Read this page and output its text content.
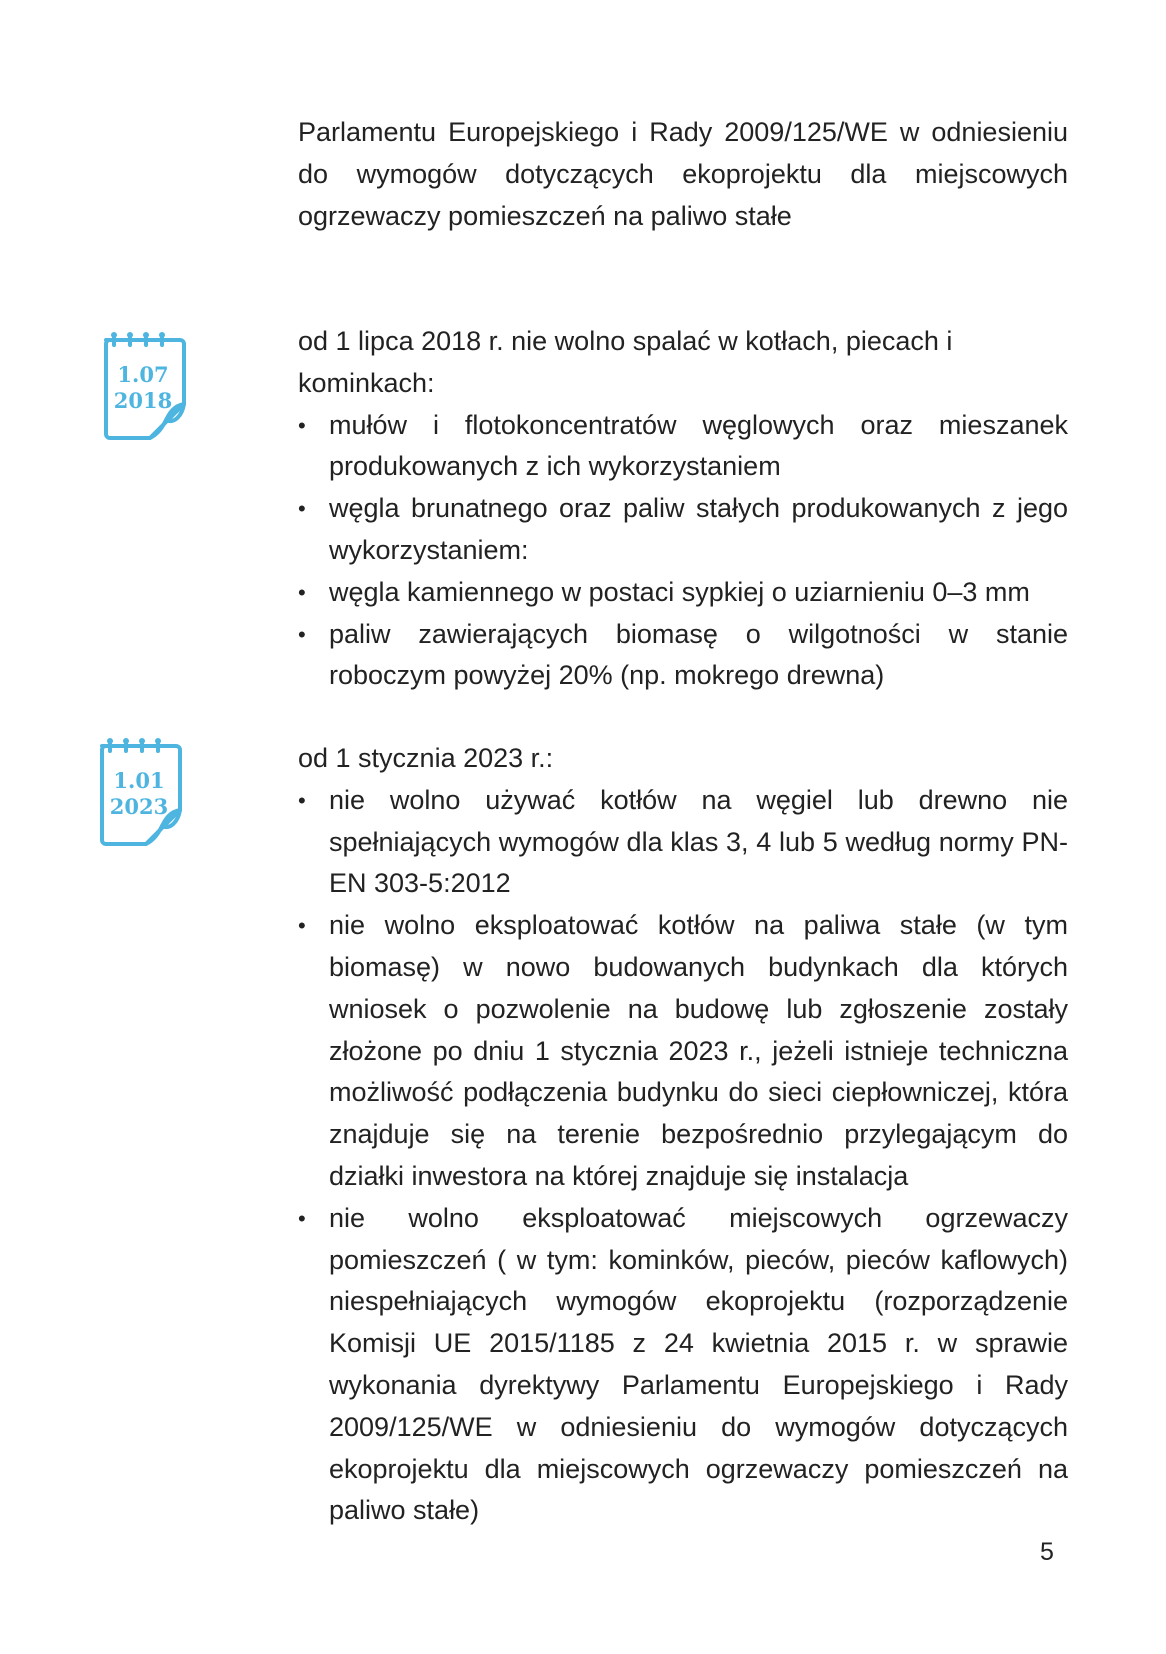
Parlamentu Europejskiego i Rady 2009/125/WE w odniesieniu do wymogów dotyczących ekoprojektu dla miejscowych ogrzewaczy pomieszczeń na paliwo stałe

1.07
2018

od 1 lipca 2018 r. nie wolno spalać w kotłach, piecach i kominkach:

• mułów i flotokoncentratów węglowych oraz mieszanek produkowanych z ich wykorzystaniem
• węgla brunatnego oraz paliw stałych produkowanych z jego wykorzystaniem:
• węgla kamiennego w postaci sypkiej o uziarnieniu 0–3 mm
• paliw zawierających biomasę o wilgotności w stanie roboczym powyżej 20% (np. mokrego drewna)
1.01
2023

od 1 stycznia 2023 r.:

• nie wolno używać kotłów na węgiel lub drewno nie spełniających wymogów dla klas 3, 4 lub 5 według normy PN-EN 303-5:2012
• nie wolno eksploatować kotłów na paliwa stałe (w tym biomasę) w nowo budowanych budynkach dla których wniosek o pozwolenie na budowę lub zgłoszenie zostały złożone po dniu 1 stycznia 2023 r., jeżeli istnieje techniczna możliwość podłączenia budynku do sieci ciepłowniczej, która znajduje się na terenie bezpośrednio przylegającym do działki inwestora na której znajduje się instalacja
• nie wolno eksploatować miejscowych ogrzewaczy pomieszczeń ( w tym: kominków, pieców, pieców kaflowych) niespełniających wymogów ekoprojektu (rozporządzenie Komisji UE 2015/1185 z 24 kwietnia 2015 r. w sprawie wykonania dyrektywy Parlamentu Europejskiego i Rady 2009/125/WE w odniesieniu do wymogów dotyczących ekoprojektu dla miejscowych ogrzewaczy pomieszczeń na paliwo stałe)
5
